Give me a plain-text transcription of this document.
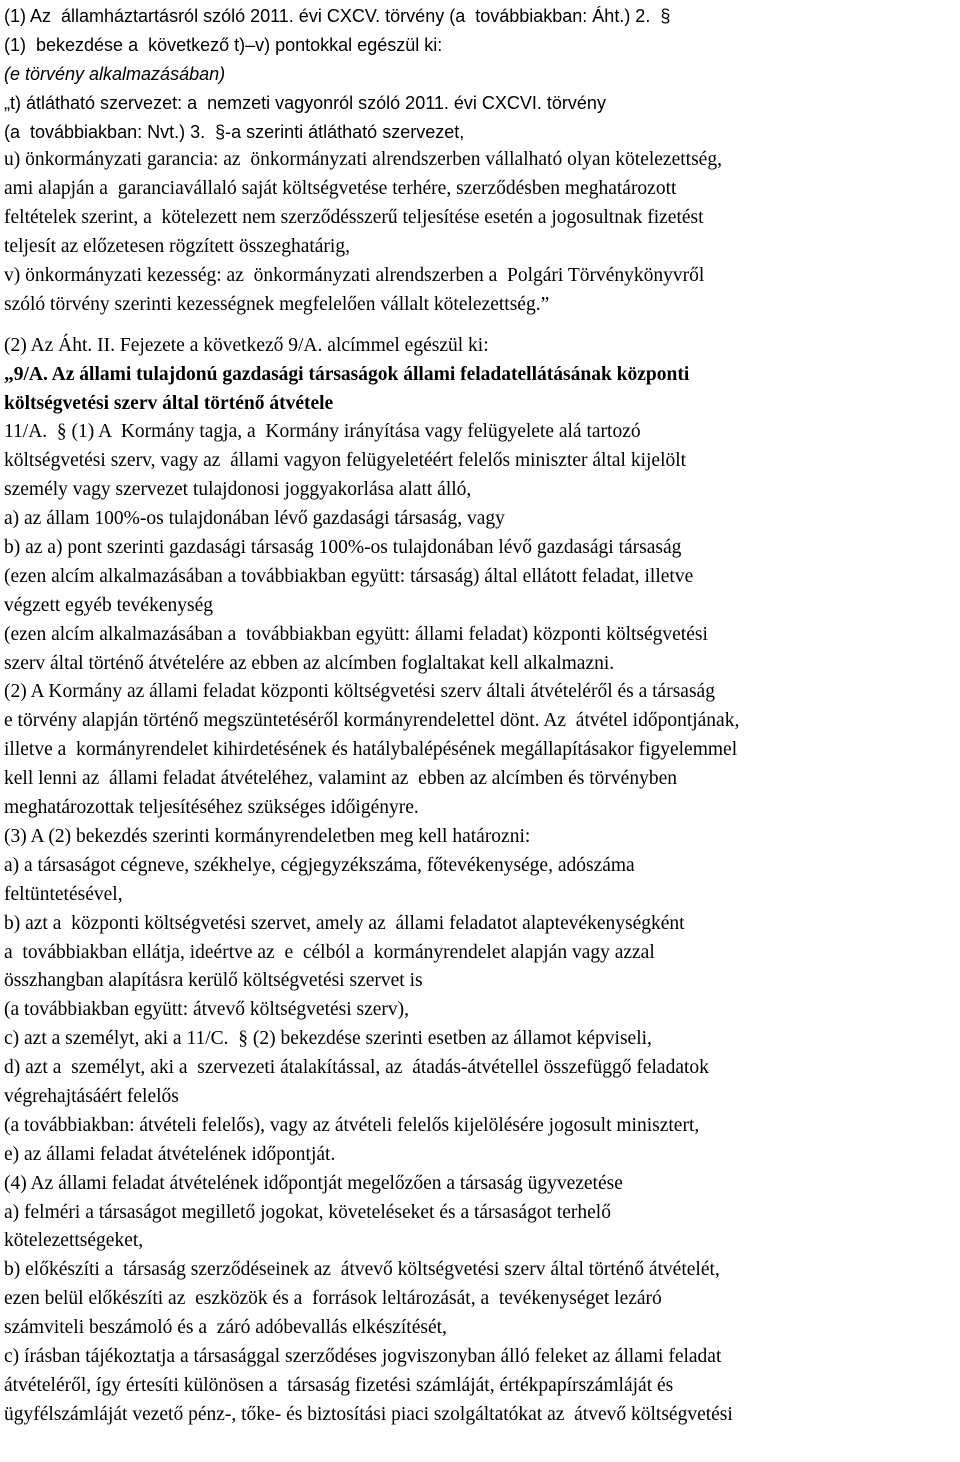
(1) Az  államháztartásról szóló 2011. évi CXCV. törvény (a  továbbiakban: Áht.) 2.  §
(1)  bekezdése a  következő t)–v) pontokkal egészül ki:
(e törvény alkalmazásában)
„t) átlátható szervezet: a  nemzeti vagyonról szóló 2011. évi CXCVI. törvény
(a  továbbiakban: Nvt.) 3.  §-a szerinti átlátható szervezet,
u) önkormányzati garancia: az  önkormányzati alrendszerben vállalható olyan kötelezettség,
ami alapján a  garanciavállaló saját költségvetése terhére, szerződésben meghatározott
feltételek szerint, a  kötelezett nem szerződésszerű teljesítése esetén a jogosultnak fizetést
teljesít az előzetesen rögzített összeghatárig,
v) önkormányzati kezesség: az  önkormányzati alrendszerben a  Polgári Törvénykönyvről
szóló törvény szerinti kezességnek megfelelően vállalt kötelezettség.”
(2) Az Áht. II. Fejezete a következő 9/A. alcímmel egészül ki:
„9/A. Az állami tulajdonú gazdasági társaságok állami feladatellátásának központi
költségvetési szerv által történő átvétele
11/A.  § (1) A  Kormány tagja, a  Kormány irányítása vagy felügyelete alá tartozó
költségvetési szerv, vagy az  állami vagyon felügyeletéért felelős miniszter által kijelölt
személy vagy szervezet tulajdonosi joggyakorlása alatt álló,
a) az állam 100%-os tulajdonában lévő gazdasági társaság, vagy
b) az a) pont szerinti gazdasági társaság 100%-os tulajdonában lévő gazdasági társaság
(ezen alcím alkalmazásában a továbbiakban együtt: társaság) által ellátott feladat, illetve
végzett egyéb tevékenység
(ezen alcím alkalmazásában a  továbbiakban együtt: állami feladat) központi költségvetési
szerv által történő átvételére az ebben az alcímben foglaltakat kell alkalmazni.
(2) A Kormány az állami feladat központi költségvetési szerv általi átvételéről és a társaság
e törvény alapján történő megszüntetéséről kormányrendelettel dönt. Az  átvétel időpontjának,
illetve a  kormányrendelet kihirdetésének és hatálybalépésének megállapításakor figyelemmel
kell lenni az  állami feladat átvételéhez, valamint az  ebben az alcímben és törvényben
meghatározottak teljesítéséhez szükséges időigényre.
(3) A (2) bekezdés szerinti kormányrendeletben meg kell határozni:
a) a társaságot cégneve, székhelye, cégjegyzékszáma, főtevékenysége, adószáma
feltüntetésével,
b) azt a  központi költségvetési szervet, amely az  állami feladatot alaptevékenységként
a  továbbiakban ellátja, ideértve az  e  célból a  kormányrendelet alapján vagy azzal
összhangban alapításra kerülő költségvetési szervet is
(a továbbiakban együtt: átvevő költségvetési szerv),
c) azt a személyt, aki a 11/C.  § (2) bekezdése szerinti esetben az államot képviseli,
d) azt a  személyt, aki a  szervezeti átalakítással, az  átadás-átvétellel összefüggő feladatok
végrehajtásáért felelős
(a továbbiakban: átvételi felelős), vagy az átvételi felelős kijelölésére jogosult minisztert,
e) az állami feladat átvételének időpontját.
(4) Az állami feladat átvételének időpontját megelőzően a társaság ügyvezetése
a) felméri a társaságot megillető jogokat, követeléseket és a társaságot terhelő
kötelezettségeket,
b) előkészíti a  társaság szerződéseinek az  átvevő költségvetési szerv által történő átvételét,
ezen belül előkészíti az  eszközök és a  források leltározását, a  tevékenységet lezáró
számviteli beszámoló és a  záró adóbevallás elkészítését,
c) írásban tájékoztatja a társasággal szerződéses jogviszonyban álló feleket az állami feladat
átvételéről, így értesíti különösen a  társaság fizetési számláját, értékpapírszámláját és
ügyfélszámláját vezető pénz-, tőke- és biztosítási piaci szolgáltatókat az  átvevő költségvetési
